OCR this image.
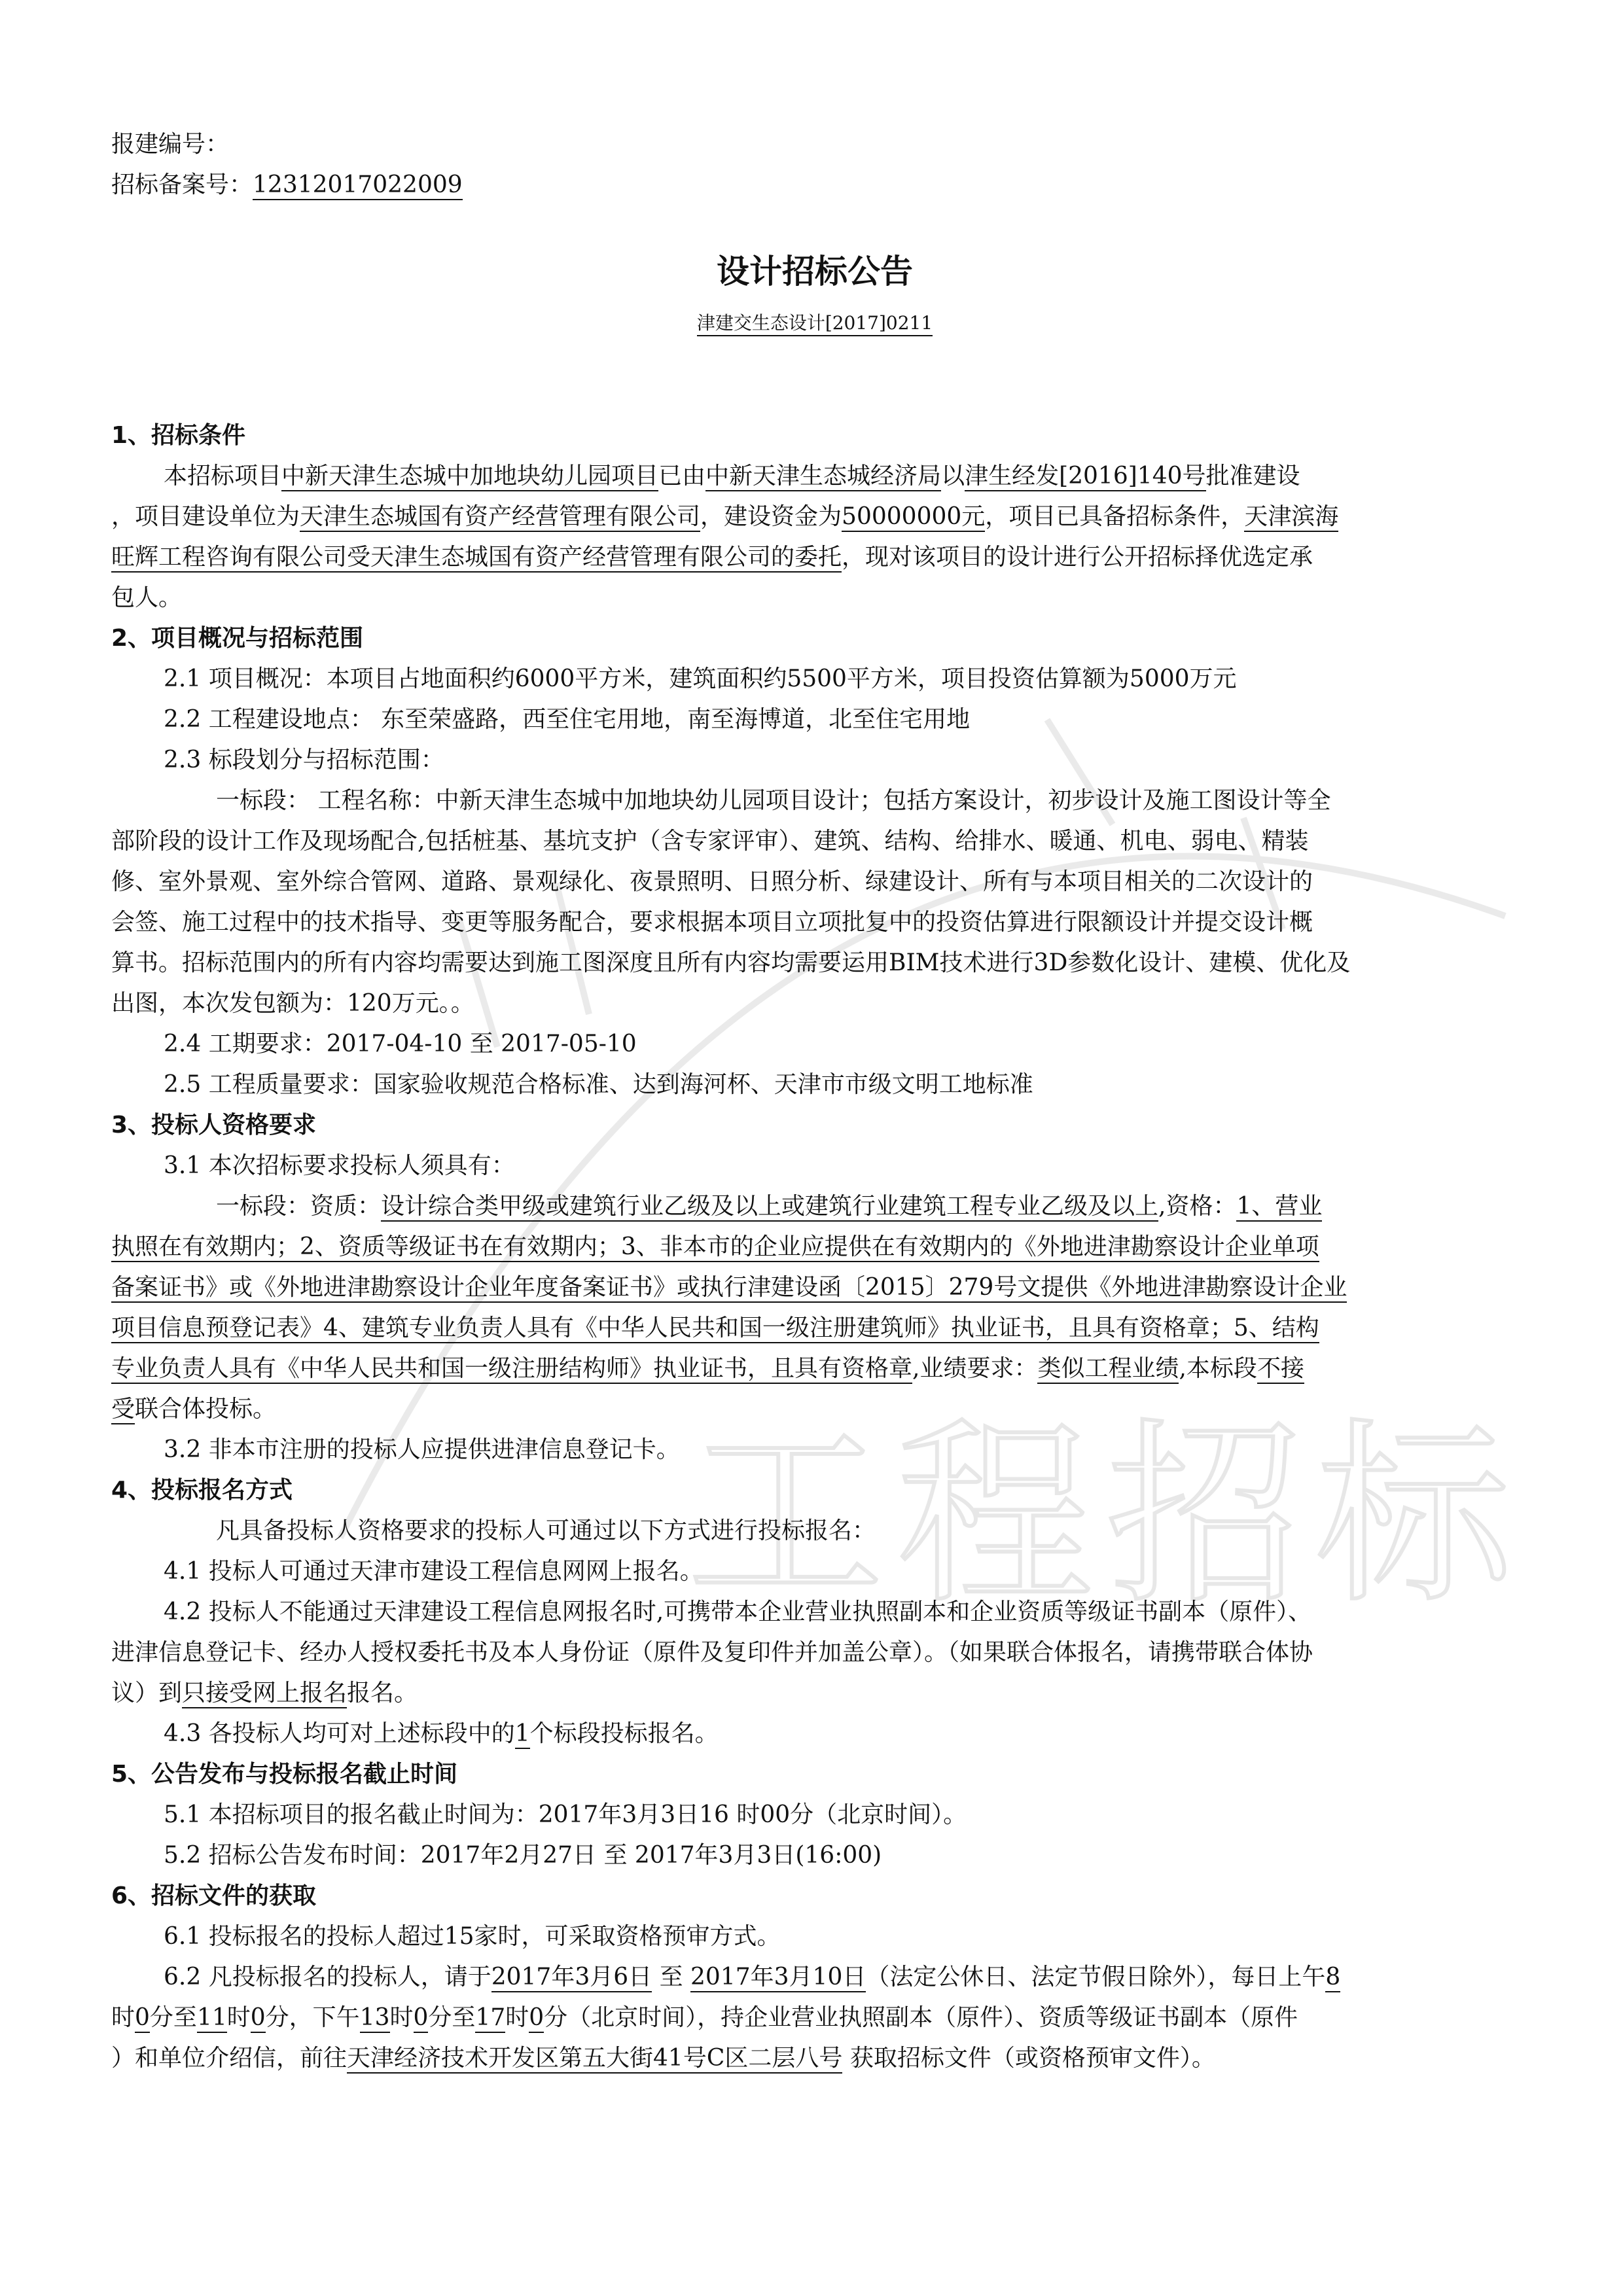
工 程 招 标
报建编号：
招标备案号：12312017022009
设计招标公告
津建交生态设计[2017]0211
1、招标条件
本招标项目中新天津生态城中加地块幼儿园项目已由中新天津生态城经济局以津生经发[2016]140号批准建设
，项目建设单位为天津生态城国有资产经营管理有限公司，建设资金为50000000元，项目已具备招标条件，天津滨海
旺辉工程咨询有限公司受天津生态城国有资产经营管理有限公司的委托，现对该项目的设计进行公开招标择优选定承
包人。
2、项目概况与招标范围
2.1 项目概况：本项目占地面积约6000平方米，建筑面积约5500平方米，项目投资估算额为5000万元
2.2 工程建设地点： 东至荣盛路，西至住宅用地，南至海博道，北至住宅用地
2.3 标段划分与招标范围：
一标段： 工程名称：中新天津生态城中加地块幼儿园项目设计；包括方案设计，初步设计及施工图设计等全
部阶段的设计工作及现场配合,包括桩基、基坑支护（含专家评审）、建筑、结构、给排水、暖通、机电、弱电、精装
修、室外景观、室外综合管网、道路、景观绿化、夜景照明、日照分析、绿建设计、所有与本项目相关的二次设计的
会签、施工过程中的技术指导、变更等服务配合，要求根据本项目立项批复中的投资估算进行限额设计并提交设计概
算书。招标范围内的所有内容均需要达到施工图深度且所有内容均需要运用BIM技术进行3D参数化设计、建模、优化及
出图，本次发包额为：120万元。。
2.4 工期要求：2017-04-10 至 2017-05-10
2.5 工程质量要求：国家验收规范合格标准、达到海河杯、天津市市级文明工地标准
3、投标人资格要求
3.1 本次招标要求投标人须具有：
一标段：资质：设计综合类甲级或建筑行业乙级及以上或建筑行业建筑工程专业乙级及以上,资格：1、营业
执照在有效期内；2、资质等级证书在有效期内；3、非本市的企业应提供在有效期内的《外地进津勘察设计企业单项
备案证书》或《外地进津勘察设计企业年度备案证书》或执行津建设函〔2015〕279号文提供《外地进津勘察设计企业
项目信息预登记表》4、建筑专业负责人具有《中华人民共和国一级注册建筑师》执业证书，且具有资格章；5、结构
专业负责人具有《中华人民共和国一级注册结构师》执业证书，且具有资格章,业绩要求：类似工程业绩,本标段不接
受联合体投标。
3.2 非本市注册的投标人应提供进津信息登记卡。
4、投标报名方式
凡具备投标人资格要求的投标人可通过以下方式进行投标报名：
4.1 投标人可通过天津市建设工程信息网网上报名。
4.2 投标人不能通过天津建设工程信息网报名时,可携带本企业营业执照副本和企业资质等级证书副本（原件）、
进津信息登记卡、经办人授权委托书及本人身份证（原件及复印件并加盖公章）。（如果联合体报名，请携带联合体协
议）到只接受网上报名报名。
4.3 各投标人均可对上述标段中的1个标段投标报名。
5、公告发布与投标报名截止时间
5.1 本招标项目的报名截止时间为：2017年3月3日16 时00分（北京时间）。
5.2 招标公告发布时间：2017年2月27日 至 2017年3月3日(16:00)
6、招标文件的获取
6.1 投标报名的投标人超过15家时，可采取资格预审方式。
6.2 凡投标报名的投标人，请于2017年3月6日 至 2017年3月10日（法定公休日、法定节假日除外），每日上午8
时0分至11时0分，下午13时0分至17时0分（北京时间），持企业营业执照副本（原件）、资质等级证书副本（原件
）和单位介绍信，前往天津经济技术开发区第五大街41号C区二层八号 获取招标文件（或资格预审文件）。
